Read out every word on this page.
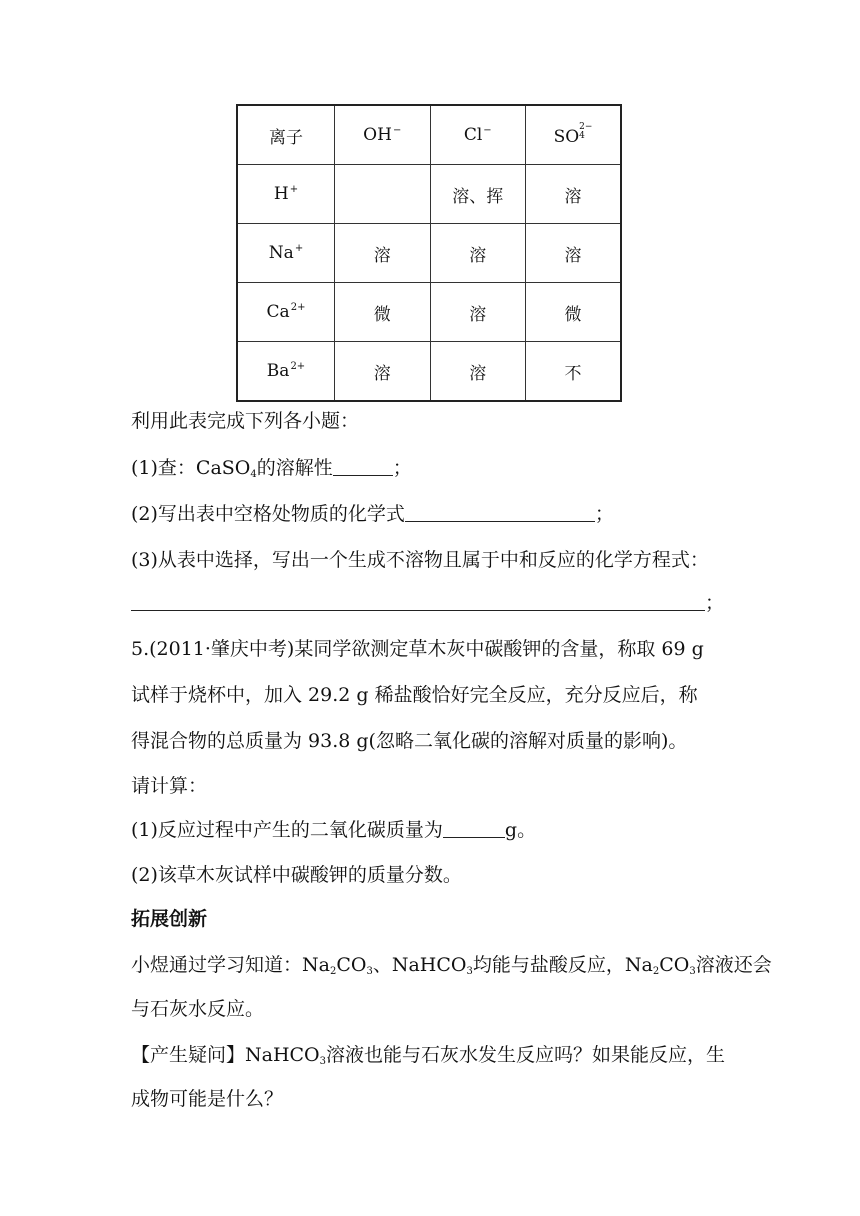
离子	OH−	Cl−	SO 2−
4

H+		溶、挥	溶
Na+	溶	溶	溶
$Ca^{2+}$	微	溶	微
$Ba^{2+}$	溶	溶	不
利用此表完成下列各小题：
(1)查：CaSO$_4$的溶解性	；
(2)写出表中空格处物质的化学式	；
(3)从表中选择，写出一个生成不溶物且属于中和反应的化学方程式：
；
5.(2011·肇庆中考)某同学欲测定草木灰中碳酸钾的含量，称取 69 g
试样于烧杯中，加入 29.2 g 稀盐酸恰好完全反应，充分反应后，称
得混合物的总质量为 93.8 g(忽略二氧化碳的溶解对质量的影响)。
请计算：
(1)反应过程中产生的二氧化碳质量为	g。
(2)该草木灰试样中碳酸钾的质量分数。
拓展创新
小煜通过学习知道：$Na_2CO_3$、NaHCO$_3$均能与盐酸反应，$Na_2CO_3$溶液还会
与石灰水反应。
【产生疑问】NaHCO$_3$溶液也能与石灰水发生反应吗？如果能反应，生
成物可能是什么？
